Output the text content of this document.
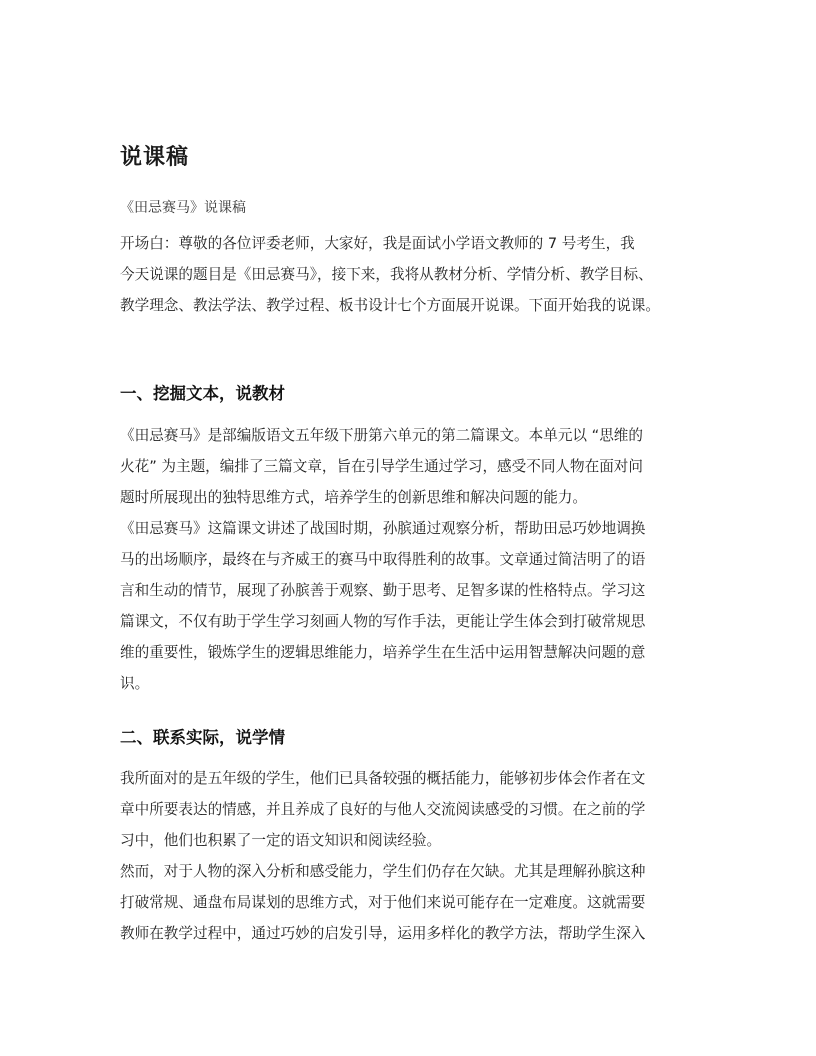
说课稿
《田忌赛马》说课稿

开场白：尊敬的各位评委老师，大家好，我是面试小学语文教师的 7 号考生，我
今天说课的题目是《田忌赛马》，接下来，我将从教材分析、学情分析、教学目标、
教学理念、教法学法、教学过程、板书设计七个方面展开说课。下面开始我的说课。

一、挖掘文本，说教材

《田忌赛马》是部编版语文五年级下册第六单元的第二篇课文。本单元以 “思维的
火花” 为主题，编排了三篇文章，旨在引导学生通过学习，感受不同人物在面对问
题时所展现出的独特思维方式，培养学生的创新思维和解决问题的能力。

《田忌赛马》这篇课文讲述了战国时期，孙膑通过观察分析，帮助田忌巧妙地调换
马的出场顺序，最终在与齐威王的赛马中取得胜利的故事。文章通过简洁明了的语
言和生动的情节，展现了孙膑善于观察、勤于思考、足智多谋的性格特点。学习这
篇课文，不仅有助于学生学习刻画人物的写作手法，更能让学生体会到打破常规思
维的重要性，锻炼学生的逻辑思维能力，培养学生在生活中运用智慧解决问题的意
识。

二、联系实际，说学情

我所面对的是五年级的学生，他们已具备较强的概括能力，能够初步体会作者在文
章中所要表达的情感，并且养成了良好的与他人交流阅读感受的习惯。在之前的学
习中，他们也积累了一定的语文知识和阅读经验。

然而，对于人物的深入分析和感受能力，学生们仍存在欠缺。尤其是理解孙膑这种
打破常规、通盘布局谋划的思维方式，对于他们来说可能存在一定难度。这就需要
教师在教学过程中，通过巧妙的启发引导，运用多样化的教学方法，帮助学生深入
